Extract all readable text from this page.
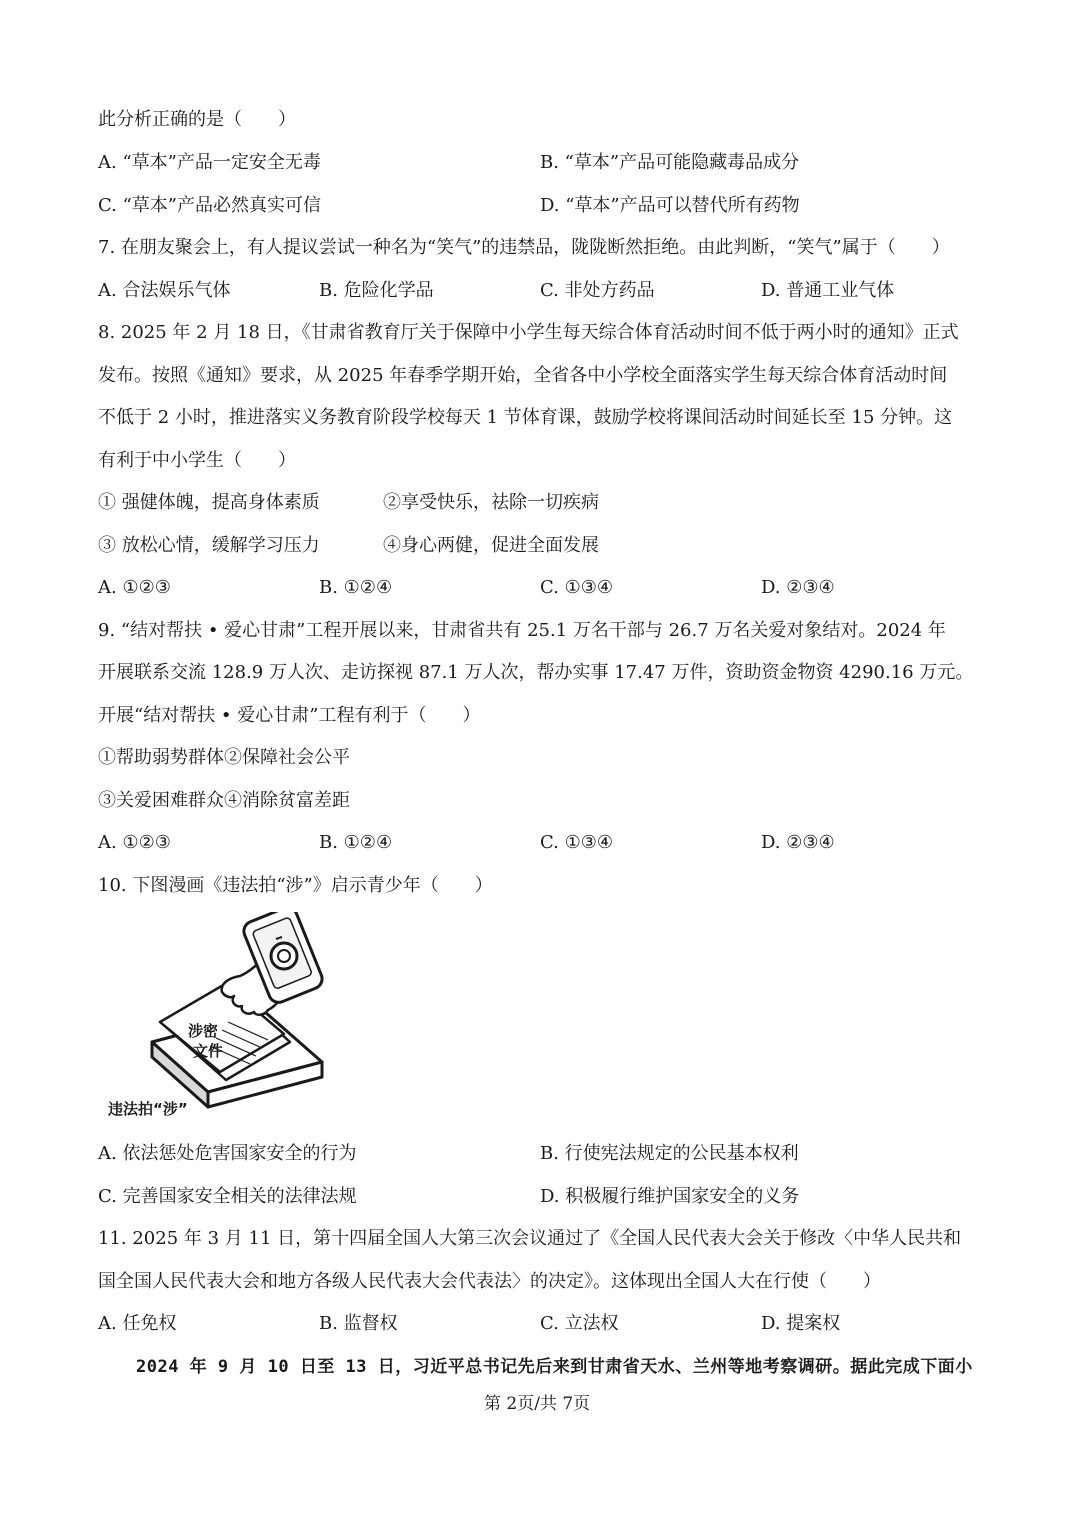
此分析正确的是（　　）
A. “草本”产品一定安全无毒	B. “草本”产品可能隐藏毒品成分
C. “草本”产品必然真实可信	D. “草本”产品可以替代所有药物
7. 在朋友聚会上，有人提议尝试一种名为“笑气”的违禁品，陇陇断然拒绝。由此判断，“笑气”属于（　　）
A. 合法娱乐气体	B. 危险化学品	C. 非处方药品	D. 普通工业气体
8. 2025 年 2 月 18 日，《甘肃省教育厅关于保障中小学生每天综合体育活动时间不低于两小时的通知》正式
发布。按照《通知》要求，从 2025 年春季学期开始，全省各中小学校全面落实学生每天综合体育活动时间
不低于 2 小时，推进落实义务教育阶段学校每天 1 节体育课，鼓励学校将课间活动时间延长至 15 分钟。这
有利于中小学生（　　）
① 强健体魄，提高身体素质	②享受快乐，祛除一切疾病
③ 放松心情，缓解学习压力	④身心两健，促进全面发展
A. ①②③	B. ①②④	C. ①③④	D. ②③④
9. “结对帮扶 • 爱心甘肃”工程开展以来，甘肃省共有 25.1 万名干部与 26.7 万名关爱对象结对。2024 年
开展联系交流 128.9 万人次、走访探视 87.1 万人次，帮办实事 17.47 万件，资助资金物资 4290.16 万元。
开展“结对帮扶 • 爱心甘肃”工程有利于（　　）
①帮助弱势群体②保障社会公平
③关爱困难群众④消除贫富差距
A. ①②③	B. ①②④	C. ①③④	D. ②③④
10. 下图漫画《违法拍“涉”》启示青少年（　　）
涉密
文件
违法拍“涉”
A. 依法惩处危害国家安全的行为	B. 行使宪法规定的公民基本权利
C. 完善国家安全相关的法律法规	D. 积极履行维护国家安全的义务
11. 2025 年 3 月 11 日，第十四届全国人大第三次会议通过了《全国人民代表大会关于修改〈中华人民共和
国全国人民代表大会和地方各级人民代表大会代表法〉的决定》。这体现出全国人大在行使（　　）
A. 任免权	B. 监督权	C. 立法权	D. 提案权
2024 年 9 月 10 日至 13 日，习近平总书记先后来到甘肃省天水、兰州等地考察调研。据此完成下面小
第 2页/共 7页
